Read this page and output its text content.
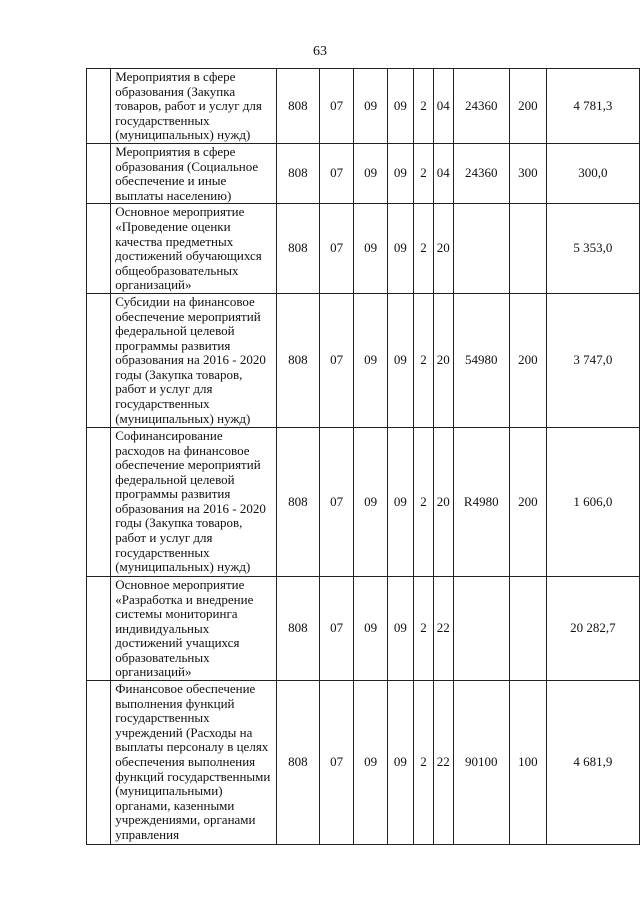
63
	Мероприятия в сфере образования (Закупка товаров, работ и услуг для государственных (муниципальных) нужд)	808	07	09	09	2	04	24360	200	4 781,3
	Мероприятия в сфере образования (Социальное обеспечение и иные выплаты населению)	808	07	09	09	2	04	24360	300	300,0
	Основное мероприятие «Проведение оценки качества предметных достижений обучающихся общеобразовательных организаций»	808	07	09	09	2	20			5 353,0
	Субсидии на финансовое обеспечение мероприятий федеральной целевой программы развития образования на 2016 - 2020 годы (Закупка товаров, работ и услуг для государственных (муниципальных) нужд)	808	07	09	09	2	20	54980	200	3 747,0
	Софинансирование расходов на финансовое обеспечение мероприятий федеральной целевой программы развития образования на 2016 - 2020 годы (Закупка товаров, работ и услуг для государственных (муниципальных) нужд)	808	07	09	09	2	20	R4980	200	1 606,0
	Основное мероприятие «Разработка и внедрение системы мониторинга индивидуальных достижений учащихся образовательных организаций»	808	07	09	09	2	22			20 282,7
	Финансовое обеспечение выполнения функций государственных учреждений (Расходы на выплаты персоналу в целях обеспечения выполнения функций государственными (муниципальными) органами, казенными учреждениями, органами управления	808	07	09	09	2	22	90100	100	4 681,9
